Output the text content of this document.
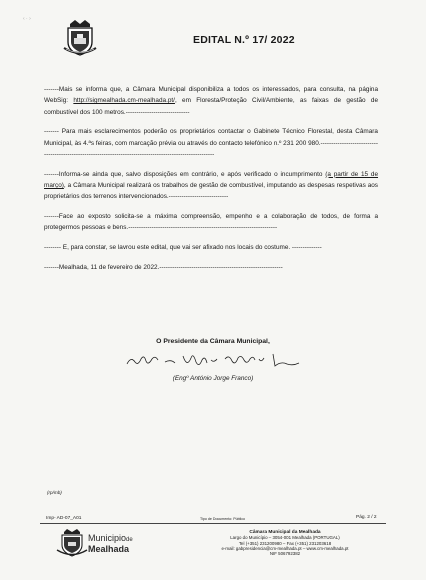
‹ · ›
EDITAL N.º 17/ 2022

-------Mais se informa que, a Câmara Municipal disponibiliza a todos os interessados, para consulta, na página WebSig: http://sigmealhada.cm-mealhada.pt/, em Floresta/Proteção Civil/Ambiente, as faixas de gestão de combustível dos 100 metros.------------------------------

------- Para mais esclarecimentos poderão os proprietários contactar o Gabinete Técnico Florestal, desta Câmara Municipal, às 4.ªs feiras, com marcação prévia ou através do contacto telefónico n.º 231 200 980.-----------------------------------------------------------------------------------------------------------

-------Informa-se ainda que, salvo disposições em contrário, e após verificado o incumprimento (a partir de 15 de março), a Câmara Municipal realizará os trabalhos de gestão de combustível, imputando as despesas respetivas aos proprietários dos terrenos intervencionados.----------------------------

-------Face ao exposto solicita-se a máxima compreensão, empenho e a colaboração de todos, de forma a protegermos pessoas e bens.----------------------------------------------------------------------

-------- E, para constar, se lavrou este edital, que vai ser afixado nos locais do costume. --------------

-------Mealhada, 11 de fevereiro de 2022.----------------------------------------------------------

O Presidente da Câmara Municipal,
(Engº António Jorge Franco)
(rp/mb)
Imp- AD-07_A01	Tipo de Documento: Público	Pág. 2 / 2
Municipiode
Mealhada
Câmara Municipal da Mealhada
Largo do Município – 3054-001 Mealhada (PORTUGAL)
Tel (+351) 231200980 – Fax (+351) 231203618
e-mail: gabpresidencia@cm-mealhada.pt – www.cm-mealhada.pt
NIF 506792382
